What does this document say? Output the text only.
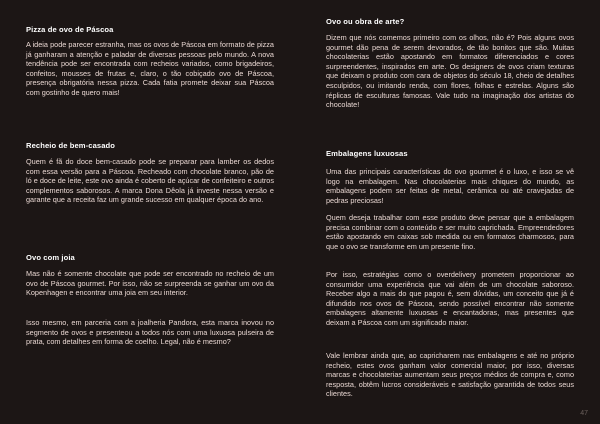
Pizza de ovo de Páscoa

A ideia pode parecer estranha, mas os ovos de Páscoa em formato de pizza já ganharam a atenção e paladar de diversas pessoas pelo mundo. A nova tendência pode ser encontrada com recheios variados, como brigadeiros, confeitos, mousses de frutas e, claro, o tão cobiçado ovo de Páscoa, presença obrigatória nessa pizza. Cada fatia promete deixar sua Páscoa com gostinho de quero mais!

Recheio de bem-casado

Quem é fã do doce bem-casado pode se preparar para lamber os dedos com essa versão para a Páscoa. Recheado com chocolate branco, pão de ló e doce de leite, este ovo ainda é coberto de açúcar de confeiteiro e outros complementos saborosos. A marca Dona Dêola já investe nessa versão e garante que a receita faz um grande sucesso em qualquer época do ano.

Ovo com joia

Mas não é somente chocolate que pode ser encontrado no recheio de um ovo de Páscoa gourmet. Por isso, não se surpreenda se ganhar um ovo da Kopenhagen e encontrar uma joia em seu interior.

Isso mesmo, em parceria com a joalheria Pandora, esta marca inovou no segmento de ovos e presenteou a todos nós com uma luxuosa pulseira de prata, com detalhes em forma de coelho. Legal, não é mesmo?

Ovo ou obra de arte?

Dizem que nós comemos primeiro com os olhos, não é? Pois alguns ovos gourmet dão pena de serem devorados, de tão bonitos que são. Muitas chocolaterias estão apostando em formatos diferenciados e cores surpreendentes, inspirados em arte. Os designers de ovos criam texturas que deixam o produto com cara de objetos do século 18, cheio de detalhes esculpidos, ou imitando renda, com flores, folhas e estrelas. Alguns são réplicas de esculturas famosas. Vale tudo na imaginação dos artistas do chocolate!

Embalagens luxuosas

Uma das principais características do ovo gourmet é o luxo, e isso se vê logo na embalagem. Nas chocolaterias mais chiques do mundo, as embalagens podem ser feitas de metal, cerâmica ou até cravejadas de pedras preciosas!

Quem deseja trabalhar com esse produto deve pensar que a embalagem precisa combinar com o conteúdo e ser muito caprichada. Empreendedores estão apostando em caixas sob medida ou em formatos charmosos, para que o ovo se transforme em um presente fino.

Por isso, estratégias como o overdelivery prometem proporcionar ao consumidor uma experiência que vai além de um chocolate saboroso. Receber algo a mais do que pagou é, sem dúvidas, um conceito que já é difundido nos ovos de Páscoa, sendo possível encontrar não somente embalagens altamente luxuosas e encantadoras, mas presentes que deixam a Páscoa com um significado maior.

Vale lembrar ainda que, ao capricharem nas embalagens e até no próprio recheio, estes ovos ganham valor comercial maior, por isso, diversas marcas e chocolaterias aumentam seus preços médios de compra e, como resposta, obtêm lucros consideráveis e satisfação garantida de todos seus clientes.

47
